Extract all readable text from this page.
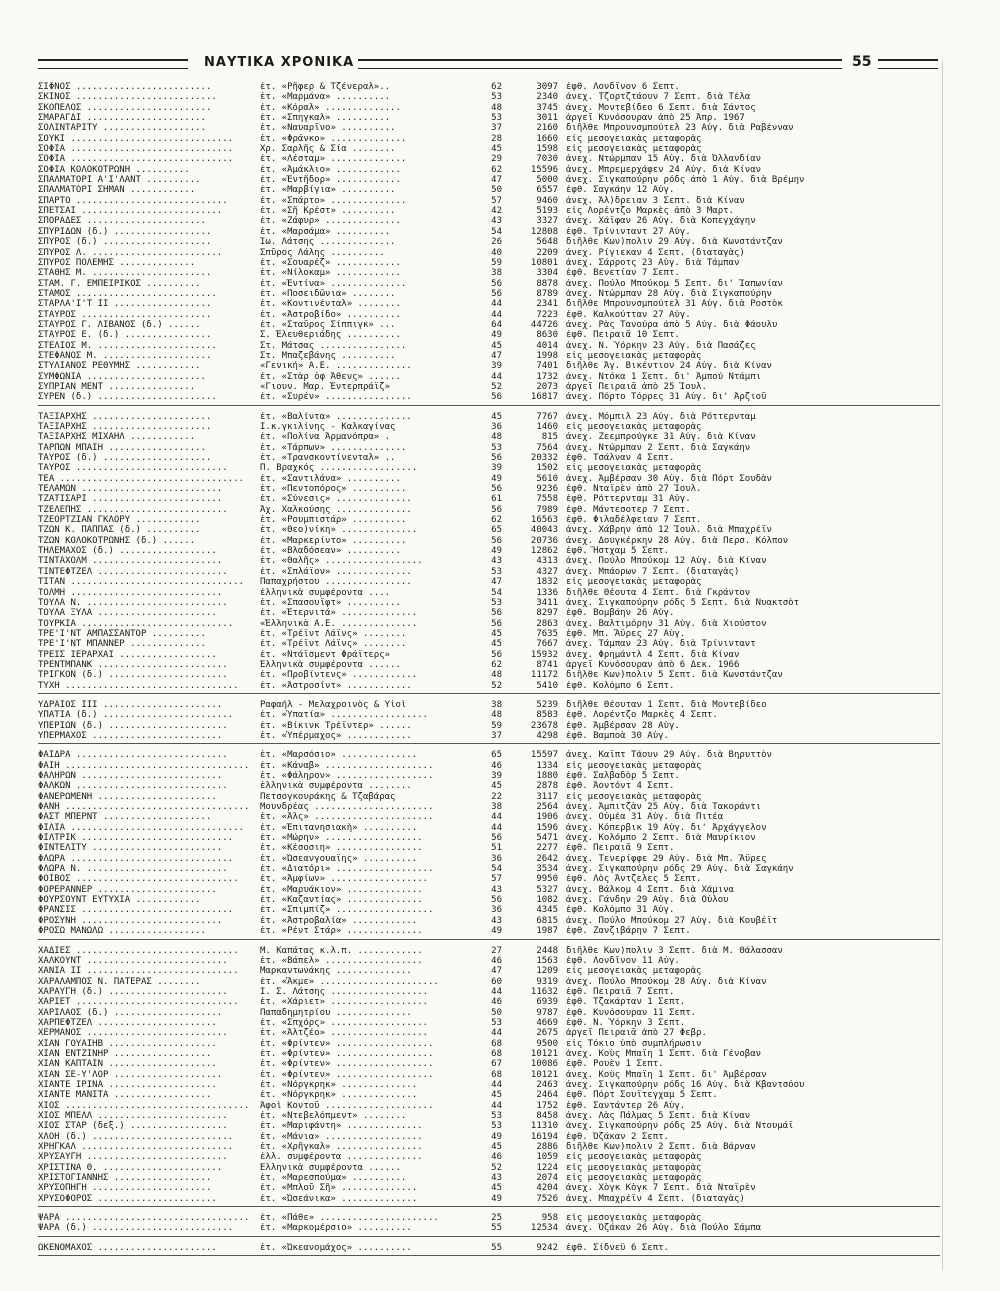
ΝΑΥΤΙΚΑ ΧΡΟΝΙΚΑ	55
ΣΙΦΝΟΣ .........................	ἐτ. «Ρῆφερ & Τζένεραλ»..	62	3097 ἐφθ. Λονδῖνον 6 Σεπτ.
ΣΚΙΝΟΣ ..........................	ἐτ. «Μαρμάνα» ..........	53	2340 ἀνεχ. Τζορτζτάουν 7 Σεπτ. διὰ Τέλα
ΣΚΟΠΕΛΟΣ .......................	ἐτ. «Κόραλ» ..............	48	3745 ἀνεχ. Μοντεβίδεο 6 Σεπτ. διὰ Σάντος
ΣΜΑΡΑΓΔΙ ......................	ἐτ. «Σπηγκαλ» ..........	53	3011 ἀργεῖ Κυνόσουραν ἀπὸ 25 Ἀπρ. 1967
ΣΟΛΙΝΤΑΡΙΤΥ ...................	ἐτ. «Ναυαρῖνο» ..........	37	2160 διῆλθε Μπρουνσμπούτελ 23 Αὐγ. διὰ Ραβένναν
ΣΟΥΚΙ ..............................	ἐτ. «Φράνκο» ..............	28	1660 εἰς μεσογειακὰς μεταφορὰς
ΣΟΦΙΑ ..............................	Χρ. Σαρλῆς & Σία ........	45	1598 εἰς μεσογειακὰς μεταφορὰς
ΣΟΦΙΑ ..............................	ἐτ. «Λέσταμ» ..............	29	7030 ἀνεχ. Ντώρμπαν 15 Αὐγ. διὰ Ὀλλανδίαν
ΣΟΦΙΑ ΚΟΛΟΚΟΤΡΩΝΗ ..........	ἐτ. «Ἀμάκλιο» ............	62	15596 ἀνεχ. Μπρεμερχάφεν 24 Αὐγ. διὰ Κίναν
ΣΠΑΛΜΑΤΟΡΙ Α'Ι'ΛΑΝΤ ..........	ἐτ. «Ἐντῆδορ» ............	47	5000 ἀνεχ. Σιγκαπούρην ρόδς ἀπὸ 1 Αὐγ. διὰ Βρέμην
ΣΠΑΛΜΑΤΟΡΙ ΣΗΜΑΝ ............	ἐτ. «Μαρβίγια» ..........	50	6557 ἐφθ. Σαγκάην 12 Αὐγ.
ΣΠΑΡΤΟ ............................	ἐτ. «Σπάρτο» ..............	57	9460 ἀνεχ. Ἀλ)δρειαν 3 Σεπτ. διὰ Κίναν
ΣΠΕΤΣΑΙ ..........................	ἐτ. «Σῆ Κρέστ» ..........	42	5193 εἰς Λορέντζο Μαρκὲς ἀπὸ 3 Μαρτ.
ΣΠΟΡΑΔΕΣ ......................	ἐτ. «Ζάφυρ» ..............	43	3327 ἀνεχ. Χάϊφαν 26 Αὐγ. διὰ Κοπεγχάγην
ΣΠΥΡΙΔΩΝ (δ.) ..................	ἐτ. «Μαρσάμα» ..........	54	12808 ἐφθ. Τρίνινταντ 27 Αὐγ.
ΣΠΥΡΟΣ (δ.) ....................	Ἰω. Λάτσης ..............	26	5648 διῆλθε Κων)πολιν 29 Αὐγ. διὰ Κωνστάντζαν
ΣΠΥΡΟΣ Λ. ........................	Σπῦρος Λάλης ..........	40	2209 ἀνεχ. Ρίγιεκαν 4 Σεπτ. (διαταγὰς)
ΣΠΥΡΟΣ ΠΟΛΕΜΗΣ ..............	ἐτ. «Σουαρέζ» ............	59	10801 ἀνεχ. Σάρροτς 23 Αὐγ. διὰ Τάμπαν
ΣΤΑΘΗΣ Μ. ......................	ἐτ. «Νίλοκαμ» ............	38	3304 ἐφθ. Βενετίαν 7 Σεπτ.
ΣΤΑΜ. Γ. ΕΜΠΕΙΡΙΚΟΣ ..........	ἐτ. «Ἐντίνα» ..............	56	8878 ἀνεχ. Πούλο Μπούκομ 5 Σεπτ. δι' Ἰαπωνίαν
ΣΤΑΜΟΣ ..........................	ἐτ. «Ποσειδῶνια» ........	56	8789 ἀνεχ. Ντώρμπαν 28 Αὐγ. διὰ Σιγκαπούρην
ΣΤΑΡΛΑ'Ι'Τ ΙΙ ..................	ἐτ. «Κοντινένταλ» ........	44	2341 διῆλθε Μπρουνσμπούτελ 31 Αὐγ. διὰ Ροστὸκ
ΣΤΑΥΡΟΣ ........................	ἐτ. «Ἀστροβίδο» ..........	44	7223 ἐφθ. Καλκούτταν 27 Αὐγ.
ΣΤΑΥΡΟΣ Γ. ΛΙΒΑΝΟΣ (δ.) ......	ἐτ. «Σταῦρος Σίππιγκ» ...	64	44726 ἀνεχ. Ρὰς Τανούρα ἀπὸ 5 Αὐγ. διὰ Φάουλυ
ΣΤΑΥΡΟΣ Ε. (δ.) ................	Σ. Ἐλευθεριάδης ..........	49	8630 ἐφθ. Πειραιᾶ 10 Σεπτ.
ΣΤΕΛΙΟΣ Μ. ......................	Στ. Μάτσας ................	45	4014 ἀνεχ. Ν. Ὑόρκην 23 Αὐγ. διὰ Πασάζες
ΣΤΕΦΑΝΟΣ Μ. ....................	Στ. Μπαζεβάνης ..........	47	1998 εἰς μεσογειακὰς μεταφορὰς
ΣΤΥΛΙΑΝΟΣ ΡΕΘΥΜΗΣ ............	«Γενική» Α.Ε. ..............	39	7401 διῆλθε Ἀγ. Βικέντιον 24 Αὐγ. διὰ Κίναν
ΣΥΜΦΩΝΙΑ ......................	ἐτ. «Στὰρ ὀφ Ἀθενς» ......	44	1732 ἀνεχ. Ντόκα 1 Σεπτ. δι' Ἀμπού Ντάμπι
ΣΥΠΡΙΑΝ ΜΕΝΤ ................	«Γιουν. Μαρ. Ἐντερπράϊζ»	52	2073 ἀργεῖ Πειραιᾶ ἀπὸ 25 Ἰουλ.
ΣΥΡΕΝ (δ.) ......................	ἐτ. «Συρέν» ................	56	16817 ἀνεχ. Πόρτο Τόρρες 31 Αὐγ. δι' Ἀρζιοῦ
ΤΑΞΙΑΡΧΗΣ ......................	ἐτ. «Βαλίντα» ..............	45	7767 ἀνεχ. Μόμπιλ 23 Αὐγ. διὰ Ρόττερνταμ
ΤΑΞΙΑΡΧΗΣ ......................	Ι.κ.γκιλίνης - Καλκαγίνας	36	1460 εἰς μεσογειακὰς μεταφορὰς
ΤΑΞΙΑΡΧΗΣ ΜΙΧΑΗΛ ............	ἐτ. «Πολίνα Ἀρμανόπρα» .	48	815 ἀνεχ. Ζεεμπρούγκε 31 Αὐγ. διὰ Κίναν
ΤΑΡΠΩΝ ΜΠΑΙΗ ..................	ἐτ. «Τάρπων» ..............	53	7564 ἀνεχ. Ντώρμπαν 2 Σεπτ. διὰ Σαγκάην
ΤΑΥΡΟΣ (δ.) ....................	ἐτ. «Τρανσκοντίνενταλ» ..	56	20332 ἐφθ. Τσάλναν 4 Σεπτ.
ΤΑΥΡΟΣ ............................	Π. Βραχκός ..................	39	1502 εἰς μεσογειακὰς μεταφορὰς
ΤΕΑ ..................................	ἐτ. «Σαντιλάνα» ..........	49	5610 ἀνεχ. Ἀμβέρσαν 30 Αὐγ. διὰ Πόρτ Σουδὰν
ΤΕΛΑΜΩΝ ..........................	ἐτ. «Πεντοπόρος» ..........	56	9236 ἐφθ. Νταϊρὲν ἀπὸ 27 Ἰουλ.
ΤΖΑΤΙΣΑΡΙ ........................	ἐτ. «Σύνεσις» ..............	61	7558 ἐφθ. Ρόττερνταμ 31 Αὐγ.
ΤΖΕΛΕΠΗΣ ..........................	Ἀχ. Χαλκούσης ..............	56	7989 ἐφθ. Μάντεσοτερ 7 Σεπτ.
ΤΖΕΟΡΤΖΙΑΝ ΓΚΛΟΡΥ ............	ἐτ. «Ρουμπιστάρ» ..........	62	16563 ἐφθ. Φιλαδέλφειαν 7 Σεπτ.
ΤΖΩΝ Κ. ΠΑΠΠΑΣ (δ.) ..........	ἐτ. «Θεο)νίκη» ..............	65	40043 ἀνεχ. Χάβρην ἀπὸ 12 Ἰουλ. διὰ Μπαχρέϊν
ΤΖΩΝ ΚΟΛΟΚΟΤΡΩΝΗΣ (δ.) ......	ἐτ. «Μαρκερίντο» ..........	56	20736 ἀνεχ. Δουγκέρκην 28 Αὐγ. διὰ Περσ. Κόλπον
ΤΗΛΕΜΑΧΟΣ (δ.) ..................	ἐτ. «Βλαδόσεαν» ..........	49	12862 ἐφθ. Ἥστχαμ 5 Σεπτ.
ΤΙΝΤΑΧΟΛΜ ........................	ἐτ. «Θαλῆς» ..................	43	4313 ἀνεχ. Πούλο Μπούκομ 12 Αὐγ. διὰ Κίναν
ΤΙΝΤΕΦΤΖΕΛ ........................	ἐτ. «Σπλάϊον» ..............	53	4327 ἀνεχ. Μπάορων 7 Σεπτ. (διαταγὰς)
ΤΙΤΑΝ ................................	Παπαχρήστου ................	47	1832 εἰς μεσογειακὰς μεταφορὰς
ΤΟΛΜΗ ............................	ἑλληνικὰ συμφέροντα ....	54	1336 διῆλθε Θέουτα 4 Σεπτ. διὰ Γκράντον
ΤΟΥΛΑ Ν. ..........................	ἐτ. «Σπασουΐφτ» ..........	53	3411 ἀνεχ. Σιγκαπούρην ρόδς 5 Σεπτ. διὰ Νυακτσὸτ
ΤΟΥΛΑ ΞΥΛΑ ......................	ἐτ. «Ἐτερνιτά» ..............	56	8297 ἐφθ. Βομβάην 26 Αὐγ.
ΤΟΥΡΚΙΑ ............................	«Ἑλληνικὰ Α.Ε. ..............	56	2863 ἀνεχ. Βαλτιμόρην 31 Αὐγ. διὰ Χιούστον
ΤΡΕ'Ι'ΝΤ ΑΜΠΑΣΣΑΝΤΟΡ ..........	ἐτ. «Τρέϊντ Λάϊνς» ........	45	7635 ἐφθ. Μπ. Ἄϋρες 27 Αὐγ.
ΤΡΕ'Ι'ΝΤ ΜΠΑΝΝΕΡ ..............	ἐτ. «Τρέϊντ Λάϊνς» ........	45	7667 ἀνεχ. Τάμπαν 23 Αὐγ. διὰ Τρίνινταντ
ΤΡΕΙΣ ΙΕΡΑΡΧΑΙ ..................	ἐτ. «Ντάϊσμεντ Φράϊτερς»	56	15932 ἀνεχ. Φρημάντλ 4 Σεπτ. διὰ Κίναν
ΤΡΕΝΤΜΠΑΝΚ ........................	Ἑλληνικὰ συμφέροντα ......	62	8741 ἀργεῖ Κυνόσουραν ἀπὸ 6 Δεκ. 1966
ΤΡΙΓΚΟΝ (δ.) ......................	ἐτ. «Προβίντενς» ............	48	11172 διῆλθε Κων)πολιν 5 Σεπτ. διὰ Κωνστάντζαν
ΤΥΧΗ ................................	ἐτ. «Ἀστροσίντ» ............	52	5410 ἐφθ. Κολόμπο 6 Σεπτ.
ΥΔΡΑΙΟΣ ΙΙΙ ......................	Ραφαήλ - Μελαχροινὸς & Υἱοὶ	38	5239 διῆλθε Θέουταν 1 Σεπτ. διὰ Μοντεβίδεο
ΥΠΑΤΙΑ (δ.) ........................	ἐτ. «Ὑπατία» ..................	48	8583 ἐφθ. Λορέντζο Μαρκὲς 4 Σεπτ.
ΥΠΕΡΙΩΝ (δ.) ......................	ἐτ. «Βίκινκ Τρέϊντερ» ......	59	23678 ἐφθ. Ἀμβέρσαν 28 Αὐγ.
ΥΠΕΡΜΑΧΟΣ ........................	ἐτ. «Ὑπέρμαχος» ............	37	4298 ἐφθ. Βαμποὰ 30 Αὐγ.
ΦΑΙΔΡΑ ............................	ἐτ. «Μαρσόσιο» ..............	65	15597 ἀνεχ. Καϊπτ Τάουν 29 Αὐγ. διὰ Βηρυττὸν
ΦΑΙΗ ..................................	ἐτ. «Κάναβ» ....................	46	1334 εἰς μεσογειακὰς μεταφορὰς
ΦΑΛΗΡΩΝ ..........................	ἐτ. «Φάληρον» ..................	39	1880 ἐφθ. Σαλβαδὸρ 5 Σεπτ.
ΦΑΛΚΩΝ ............................	ἑλληνικὰ συμφέροντα ........	45	2878 ἐφθ. Ἀοντόντ 4 Σεπτ.
ΦΑΝΕΡΩΜΕΝΗ ......................	Πετσογκουράκης & Τζαβάρας	22	3117 εἰς μεσογειακὰς μεταφορὰς
ΦΑΝΗ ..................................	Μουνδρέας ......................	38	2564 ἀνεχ. Ἀμπιτζὰν 25 Αὐγ. διὰ Τακοράντι
ΦΑΣΤ ΜΠΕΡΝΤ ....................	ἐτ. «Ἀλς» ......................	44	1906 ἀνεχ. Οὐμέα 31 Αὐγ. διὰ Πιτέα
ΦΙΛΙΑ ................................	ἐτ. «Ἐπιτανησιακὴ» ..........	44	1596 ἀνεχ. Κόπερβικ 19 Αὐγ. δι' Ἀρχάγγελον
ΦΙΛΤΡΙΚ ............................	ἐτ. «Μώρην» ..................	56	5471 ἀνεχ. Κολόμπο 2 Σεπτ. διὰ Μαυρίκιον
ΦΙΝΤΕΛΙΤΥ ........................	ἐτ. «Κέσοσιη» ................	51	2277 ἐφθ. Πειραιᾶ 9 Σεπτ.
ΦΛΩΡΑ ..............................	ἐτ. «Ὠσεανγουαϊης» ..........	36	2642 ἀνεχ. Τενερίφφε 29 Αὐγ. διὰ Μπ. Ἄϋρες
ΦΛΩΡΑ Ν. ..........................	ἐτ. «Διατόρι» ..................	54	3534 ἀνεχ. Σιγκαπούρην ρόδς 29 Αὐγ. διὰ Σαγκάην
ΦΟΙΒΟΣ ..............................	ἐτ. «Ἀμφίων» ..................	57	9950 ἐφθ. Λὸς Ἀντζελες 5 Σεπτ.
ΦΟΡΕΡΑΝΝΕΡ ......................	ἐτ. «Μαρυάκιον» ..............	43	5327 ἀνεχ. Βάλκομ 4 Σεπτ. διὰ Χάμινα
ΦΟΥΡΣΟΥΝΤ ΕΥΤΥΧΙΑ ............	ἐτ. «Καζαντίας» ..............	56	1082 ἀνεχ. Γάνδην 29 Αὐγ. διὰ Οὐλου
ΦΡΑΝΣΙΣ ............................	ἐτ. «Σπιμπίζ» ..................	36	4345 ἐφθ. Κολόμπο 31 Αὐγ.
ΦΡΟΣΥΝΗ ..........................	ἐτ. «Ἀστροβαλία» ............	43	6815 ἀνεχ. Πούλο Μπούκομ 27 Αὐγ. διὰ Κουβέϊτ
ΦΡΟΣΩ ΜΑΝΩΛΩ ..................	ἐτ. «Ρέντ Στάρ» ..............	49	1987 ἐφθ. Ζανζιβάρην 7 Σεπτ.
ΧΑΔΙΕΣ ..............................	Μ. Καπάτας κ.λ.π. ............	27	2448 διῆλθε Κων)πολιν 3 Σεπτ. διὰ Μ. Θάλασσαν
ΧΑΛΚΟΥΝΤ ..........................	ἐτ. «Βάπελ» ..................	46	1563 ἐφθ. Λονδῖνον 11 Αὐγ.
ΧΑΝΙΑ ΙΙ ............................	Μαρκαντωνάκης ..............	47	1209 εἰς μεσογειακὰς μεταφορὰς
ΧΑΡΑΛΑΜΠΟΣ Ν. ΠΑΤΕΡΑΣ ........	ἐτ. «Ἄκμε» ......................	60	9319 ἀνεχ. Πούλο Μπούκομ 28 Αὐγ. διὰ Κίναν
ΧΑΡΑΥΓΗ (δ.) ......................	Ι. Σ. Λάτσης ..................	44	11632 ἐφθ. Πειραιᾶ 7 Σεπτ.
ΧΑΡΙΕΤ ..............................	ἐτ. «Χάριετ» ..................	46	6939 ἐφθ. Τζακάρταν 1 Σεπτ.
ΧΑΡΙΛΑΟΣ (δ.) ....................	Παπαδημητρίου ..............	50	9787 ἐφθ. Κυνόσουραν 11 Σεπτ.
ΧΑΡΠΕΦΤΖΕΛ ......................	ἐτ. «Σπχόρς» ..................	53	4669 ἐφθ. Ν. Ὑόρκην 3 Σεπτ.
ΧΕΡΜΑΝΟΣ ..........................	ἐτ. «Ἀλτζέο» ..................	44	2675 ἀργεῖ Πειραιᾶ ἀπὸ 27 Φεβρ.
ΧΙΑΝ ΓΟΥΑΙΗΒ ....................	ἐτ. «Φρίντεν» ..................	68	9500 εἰς Τόκιο ὑπὸ συμπλήρωσιν
ΧΙΑΝ ΕΝΤΖΙΝΗΡ ..................	ἐτ. «Φρίντεν» ..................	68	10121 ἀνεχ. Κοὺς Μπαϊη 1 Σεπτ. διὰ Γένοβαν
ΧΙΑΝ ΚΑΠΤΑΙΝ ....................	ἐτ. «Φρίντεν» ..................	67	10086 ἐφθ. Ρουὲν 1 Σεπτ.
ΧΙΑΝ ΣΕ-Υ'ΛΟΡ ....................	ἐτ. «Φρίντεν» ..................	68	10121 ἀνεχ. Κοὺς Μπαϊη 1 Σεπτ. δι' Ἀμβέρσαν
ΧΙΑΝΤΕ ΙΡΙΝΑ ....................	ἐτ. «Νόργκρηκ» ..............	44	2463 ἀνεχ. Σιγκαπούρην ρόδς 16 Αὐγ. διὰ Κβαντσόου
ΧΙΑΝΤΕ ΜΑΝΙΤΑ ..................	ἐτ. «Νόργκρηκ» ..............	45	2464 ἐφθ. Πόρτ Σουϊτεγχαμ 5 Σεπτ.
ΧΙΟΣ ..................................	Ἀφοὶ Κοντοῦ ....................	44	1752 ἐφθ. Σαντάντερ 26 Αὐγ.
ΧΙΟΣ ΜΠΕΛΛ ........................	ἐτ. «Ντεβελόπμεντ» ........	53	8458 ἀνεχ. Λὰς Πάλμας 5 Σεπτ. διὰ Κίναν
ΧΙΟΣ ΣΤΑΡ (δεξ.) ..................	ἐτ. «Μαριφάντη» ..............	53	11310 ἀνεχ. Σιγκαπούρην ρόδς 25 Αὐγ. διὰ Ντουμάϊ
ΧΛΟΗ (δ.) ..........................	ἐτ. «Μάνια» ..................	49	16194 ἐφθ. Ὀζάκαν 2 Σεπτ.
ΧΡΗΓΚΑΛ ............................	ἐτ. «Χρῆγκαλ» ................	45	2886 διῆλθε Κων)πολιν 2 Σεπτ. διὰ Βάρναν
ΧΡΥΣΑΥΓΗ ..........................	ἑλλ. συμφέροντα ..............	46	1059 εἰς μεσογειακὰς μεταφορὰς
ΧΡΙΣΤΙΝΑ Θ. ......................	Ἑλληνικὰ συμφέροντα ......	52	1224 εἰς μεσογειακὰς μεταφορὰς
ΧΡΙΣΤΟΓΙΑΝΝΗΣ ..................	ἐτ. «Μαρεσπούμα» ..........	43	2074 εἰς μεσογειακὰς μεταφορὰς
ΧΡΥΣΟΠΗΓΗ ......................	ἐτ. «Μπλοῦ Σῆ» ..............	45	4204 ἀνεχ. Χὸγκ Κὸγκ 7 Σεπτ. διὰ Νταϊρὲν
ΧΡΥΣΟΦΟΡΟΣ ......................	ἐτ. «Ὠσεάνικα» ..............	49	7526 ἀνεχ. Μπαχρέϊν 4 Σεπτ. (διαταγὰς)
ΨΑΡΑ ..................................	ἐτ. «Πάθε» ......................	25	958 εἰς μεσογειακὰς μεταφορὰς
ΨΑΡΑ (δ.) ..........................	ἐτ. «Μαρκομέρσιο» ..........	55	12534 ἀνεχ. Ὀζάκαν 26 Αὐγ. διὰ Πούλο Σάμπα
ΩΚΕΝΟΜΑΧΟΣ ......................	ἐτ. «Ὠκεανομάχος» ..........	55	9242 ἐφθ. Σίδνεϋ 6 Σεπτ.
